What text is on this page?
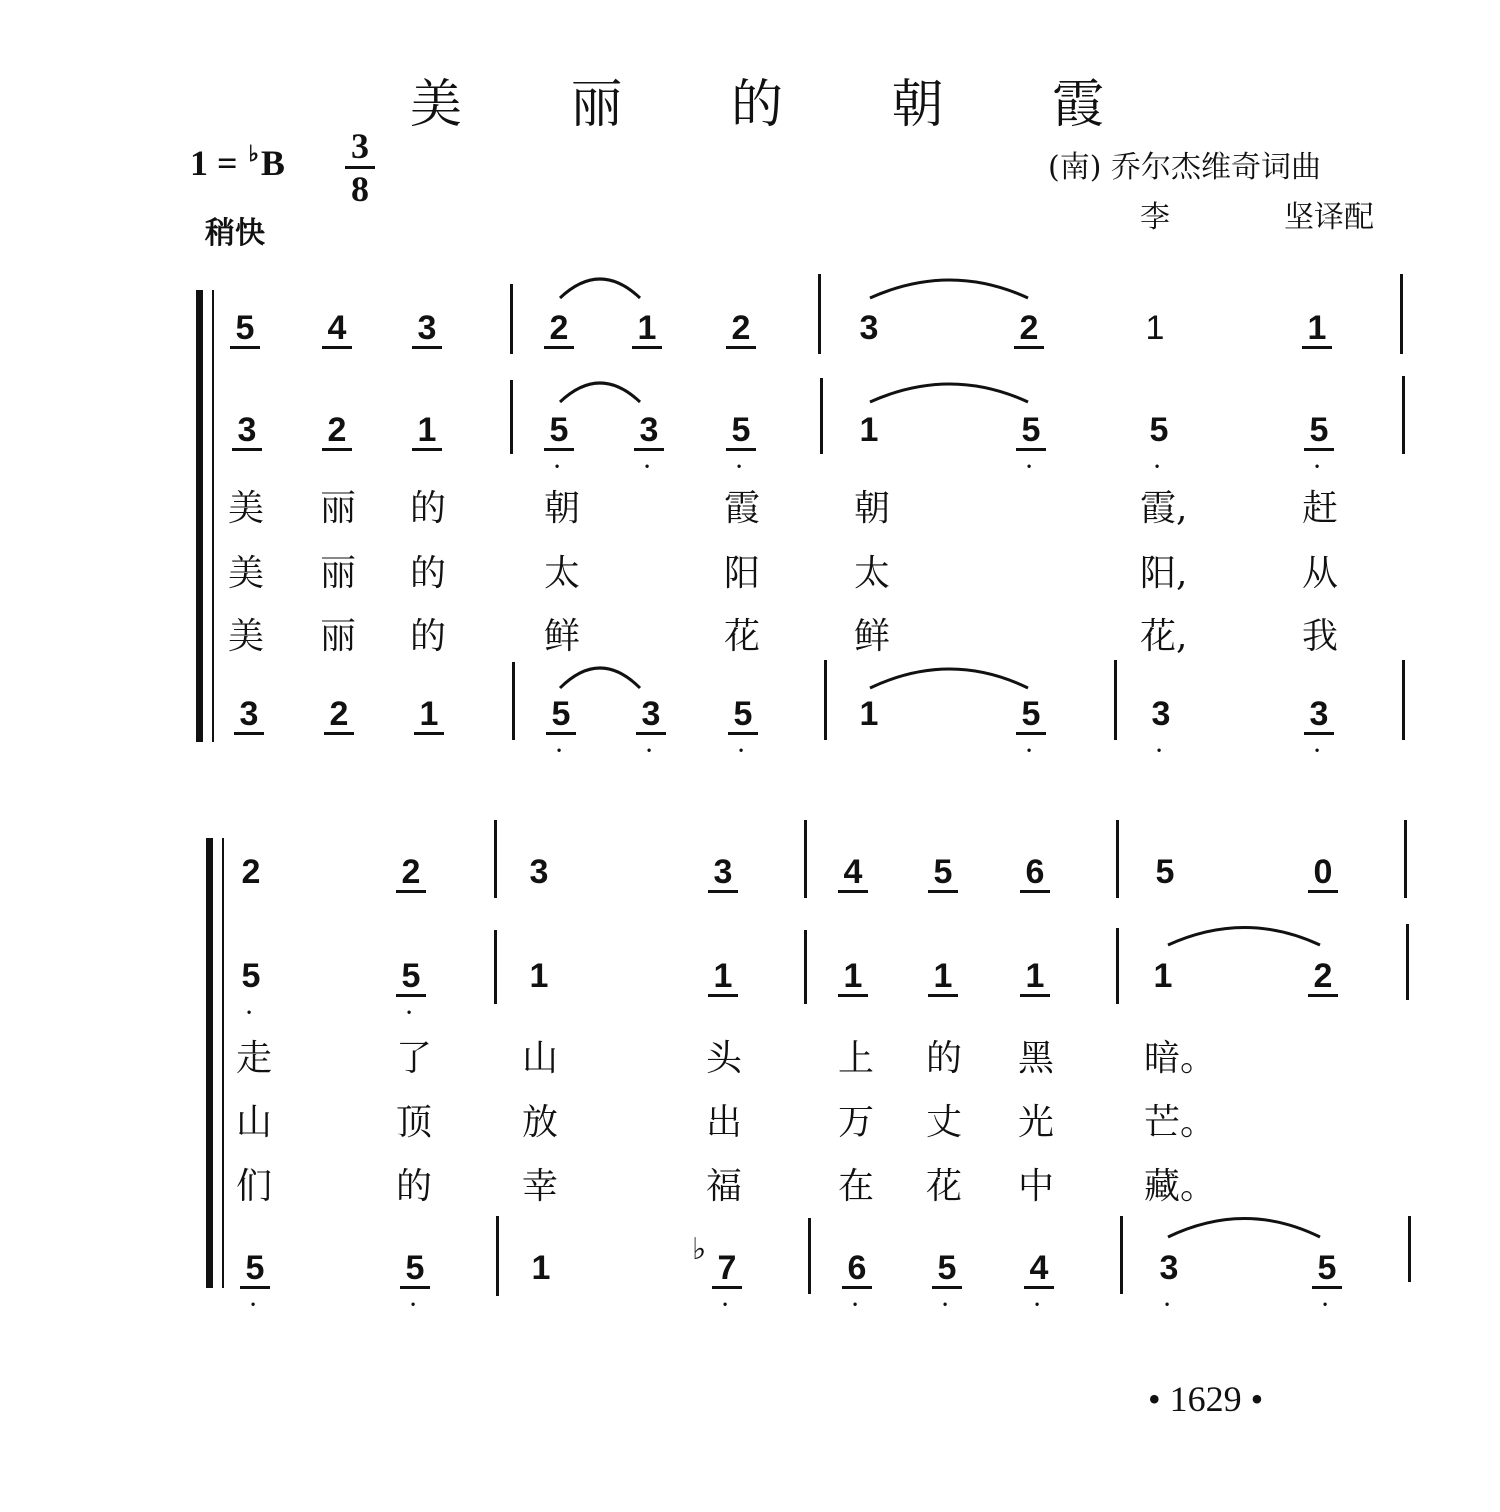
美 丽 的 朝 霞
1 = ♭B 3
8
稍快
(南) 乔尔杰维奇词曲
李	坚译配
5 4 3	2 1 2	3	2	1	1
3 2 1	5 • 3 • 5 •	1	5 •	5 •	5 •
美 丽 的	朝	霞	朝	霞,	赶
美 丽 的	太	阳	太	阳,	从
美 丽 的	鲜	花	鲜	花,	我
3 2 1	5 • 3 • 5 •	1	5 •	3 •	3 •
2	2	3	3	4 5 6	5	0
5 •	5 •	1	1	1 1 1	1	2
走	了 山	头	上 的 黑	暗。
山	顶 放	出	万 丈 光	芒。
们	的 幸	福	在 花 中	藏。
5 •	5 •	1	♭ 7 •	6 • 5 • 4 •	3 •	5 •
• 1629 •
